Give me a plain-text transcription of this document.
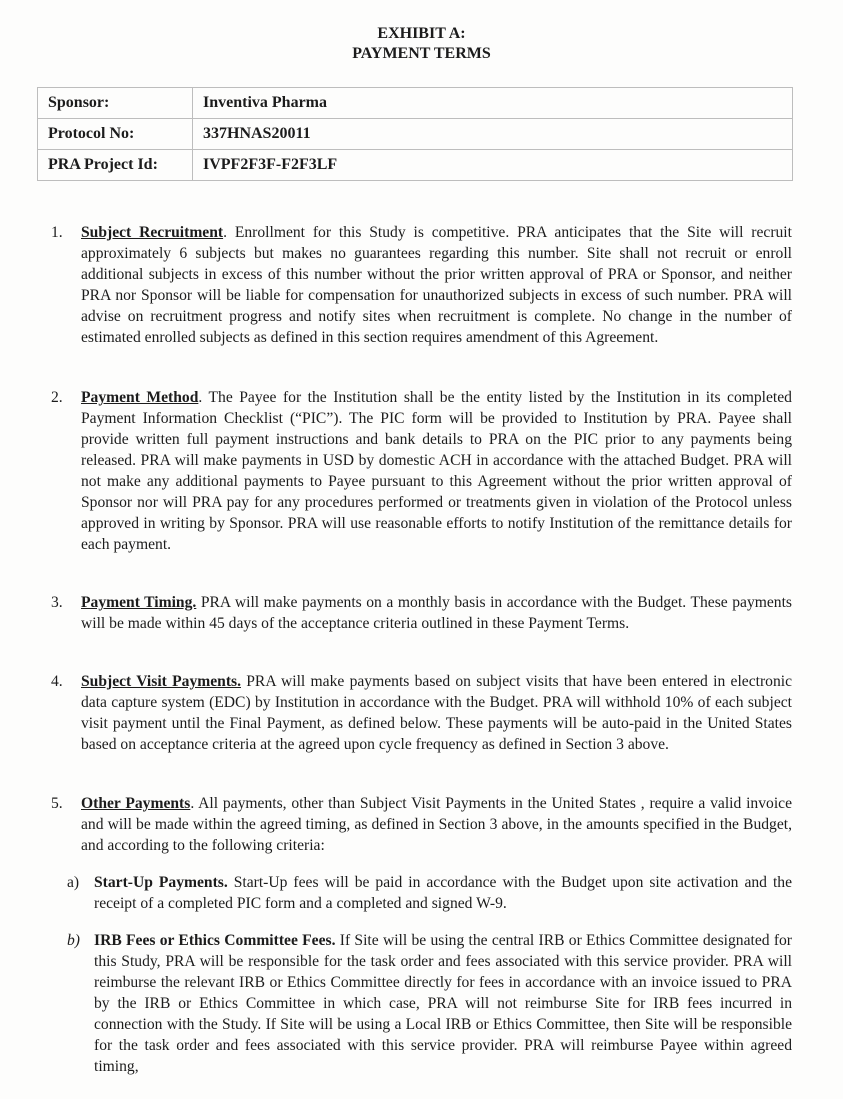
EXHIBIT A:
PAYMENT TERMS
Sponsor:	Inventiva Pharma
Protocol No:	337HNAS20011
PRA Project Id:	IVPF2F3F-F2F3LF
1. Subject Recruitment. Enrollment for this Study is competitive. PRA anticipates that the Site will recruit approximately 6 subjects but makes no guarantees regarding this number. Site shall not recruit or enroll additional subjects in excess of this number without the prior written approval of PRA or Sponsor, and neither PRA nor Sponsor will be liable for compensation for unauthorized subjects in excess of such number. PRA will advise on recruitment progress and notify sites when recruitment is complete. No change in the number of estimated enrolled subjects as defined in this section requires amendment of this Agreement.
2. Payment Method. The Payee for the Institution shall be the entity listed by the Institution in its completed Payment Information Checklist (“PIC”). The PIC form will be provided to Institution by PRA. Payee shall provide written full payment instructions and bank details to PRA on the PIC prior to any payments being released. PRA will make payments in USD by domestic ACH in accordance with the attached Budget. PRA will not make any additional payments to Payee pursuant to this Agreement without the prior written approval of Sponsor nor will PRA pay for any procedures performed or treatments given in violation of the Protocol unless approved in writing by Sponsor. PRA will use reasonable efforts to notify Institution of the remittance details for each payment.
3. Payment Timing. PRA will make payments on a monthly basis in accordance with the Budget. These payments will be made within 45 days of the acceptance criteria outlined in these Payment Terms.
4. Subject Visit Payments. PRA will make payments based on subject visits that have been entered in electronic data capture system (EDC) by Institution in accordance with the Budget. PRA will withhold 10% of each subject visit payment until the Final Payment, as defined below. These payments will be auto-paid in the United States based on acceptance criteria at the agreed upon cycle frequency as defined in Section 3 above.
5. Other Payments. All payments, other than Subject Visit Payments in the United States , require a valid invoice and will be made within the agreed timing, as defined in Section 3 above, in the amounts specified in the Budget, and according to the following criteria:
a) Start-Up Payments. Start-Up fees will be paid in accordance with the Budget upon site activation and the receipt of a completed PIC form and a completed and signed W-9.
b) IRB Fees or Ethics Committee Fees. If Site will be using the central IRB or Ethics Committee designated for this Study, PRA will be responsible for the task order and fees associated with this service provider. PRA will reimburse the relevant IRB or Ethics Committee directly for fees in accordance with an invoice issued to PRA by the IRB or Ethics Committee in which case, PRA will not reimburse Site for IRB fees incurred in connection with the Study. If Site will be using a Local IRB or Ethics Committee, then Site will be responsible for the task order and fees associated with this service provider. PRA will reimburse Payee within agreed timing,
